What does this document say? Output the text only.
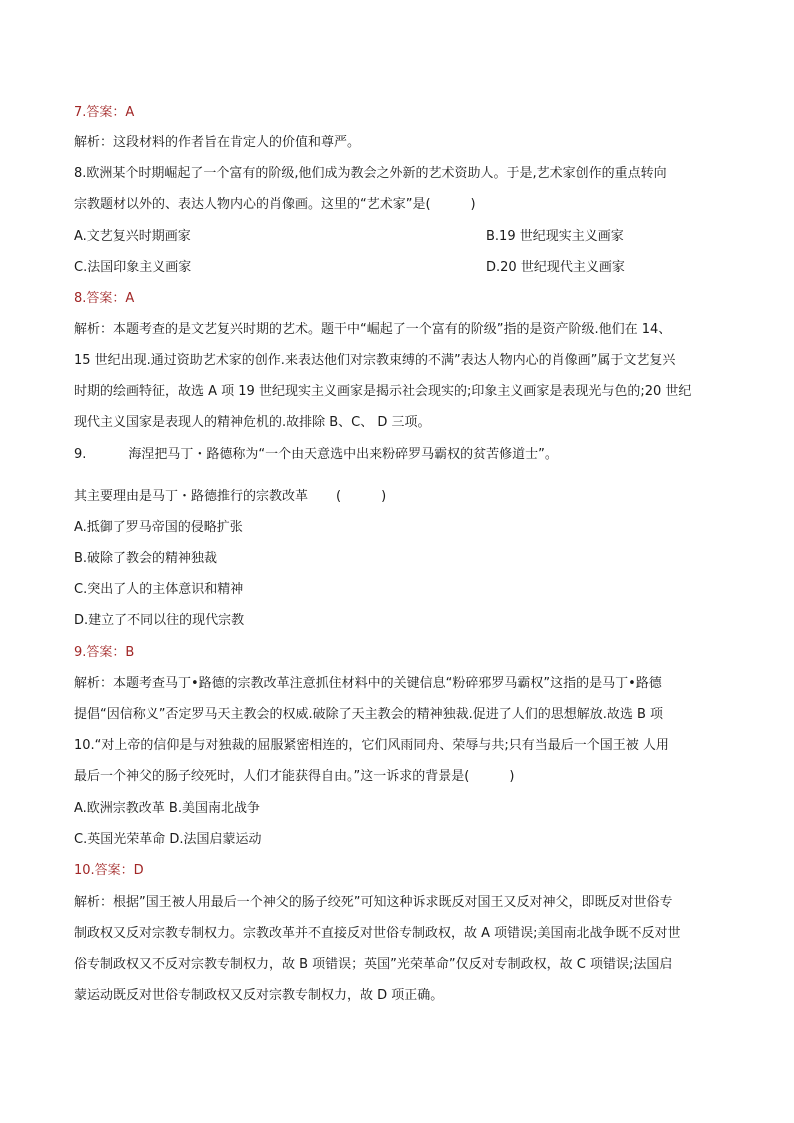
7.答案：A
解析：这段材料的作者旨在肯定人的价值和尊严。
8.欧洲某个时期崛起了一个富有的阶级,他们成为教会之外新的艺术资助人。于是,艺术家创作的重点转向
宗教题材以外的、表达人物内心的肖像画。这里的“艺术家”是(	)
A.文艺复兴时期画家	B.19 世纪现实主义画家
C.法国印象主义画家	D.20 世纪现代主义画家
8.答案：A
解析：本题考查的是文艺复兴时期的艺术。题干中“崛起了一个富有的阶级”指的是资产阶级.他们在 14、
15 世纪出现.通过资助艺术家的创作.来表达他们对宗教束缚的不满”表达人物内心的肖像画”属于文艺复兴
时期的绘画特征，故选 A 项 19 世纪现实主义画家是揭示社会现实的;印象主义画家是表现光与色的;20 世纪
现代主义国家是表现人的精神危机的.故排除 B、C、 D 三项。
9.	海涅把马丁・路德称为“一个由天意选中出来粉碎罗马霸权的贫苦修道士”。
其主要理由是马丁・路德推行的宗教改革 (	)
A.抵御了罗马帝国的侵略扩张
B.破除了教会的精神独裁
C.突出了人的主体意识和精神
D.建立了不同以往的现代宗教
9.答案：B
解析：本题考查马丁•路德的宗教改革注意抓住材料中的关键信息“粉碎邪罗马霸权”这指的是马丁•路德
提倡“因信称义”否定罗马天主教会的权威.破除了天主教会的精神独裁.促进了人们的思想解放.故选 B 项
10.“对上帝的信仰是与对独裁的屈服紧密相连的，它们风雨同舟、荣辱与共;只有当最后一个国王被 人用
最后一个神父的肠子绞死时，人们才能获得自由。”这一诉求的背景是(	)
A.欧洲宗教改革 B.美国南北战争
C.英国光荣革命 D.法国启蒙运动
10.答案：D
解析：根据”国王被人用最后一个神父的肠子绞死”可知这种诉求既反对国王又反对神父，即既反对世俗专
制政权又反对宗教专制权力。宗教改革并不直接反对世俗专制政权，故 A 项错误;美国南北战争既不反对世
俗专制政权又不反对宗教专制权力，故 B 项错误；英国”光荣革命”仅反对专制政权，故 C 项错误;法国启
蒙运动既反对世俗专制政权又反对宗教专制权力，故 D 项正确。
